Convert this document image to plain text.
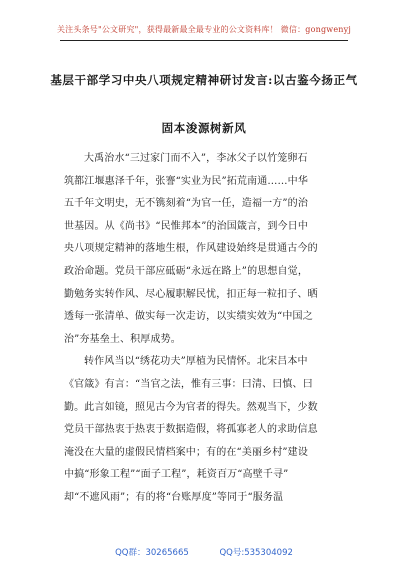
关注头条号"公文研究"，获得最新最全最专业的公文资料库！ 微信：gongwenyj
基层干部学习中央八项规定精神研讨发言:以古鉴今扬正气
固本浚源树新风
大禹治水“三过家门而不入”，李冰父子以竹笼卵石
筑都江堰惠泽千年，张謇“实业为民”拓荒南通……中华
五千年文明史，无不镌刻着“为官一任，造福一方”的治
世基因。从《尚书》“民惟邦本”的治国箴言，到今日中
央八项规定精神的落地生根，作风建设始终是贯通古今的
政治命题。党员干部应砥砺“永远在路上”的思想自觉，
勤勉务实转作风、尽心履职解民忧，扣正每一粒扣子、晒
透每一张清单、做实每一次走访，以实绩实效为“中国之
治”夯基垒土、积厚成势。
转作风当以“绣花功夫”厚植为民情怀。北宋吕本中
《官箴》有言：“当官之法，惟有三事：曰清、曰慎、曰
勤。此言如镜，照见古今为官者的得失。然观当下，少数
党员干部热衷于热衷于数据造假，将孤寡老人的求助信息
淹没在大量的虚假民情档案中；有的在“美丽乡村”建设
中搞“形象工程”“面子工程”，耗资百万“高壁千寻”
却“不遮风雨”；有的将“台账厚度”等同于“服务温
QQ群：30265665	QQ号:535304092
